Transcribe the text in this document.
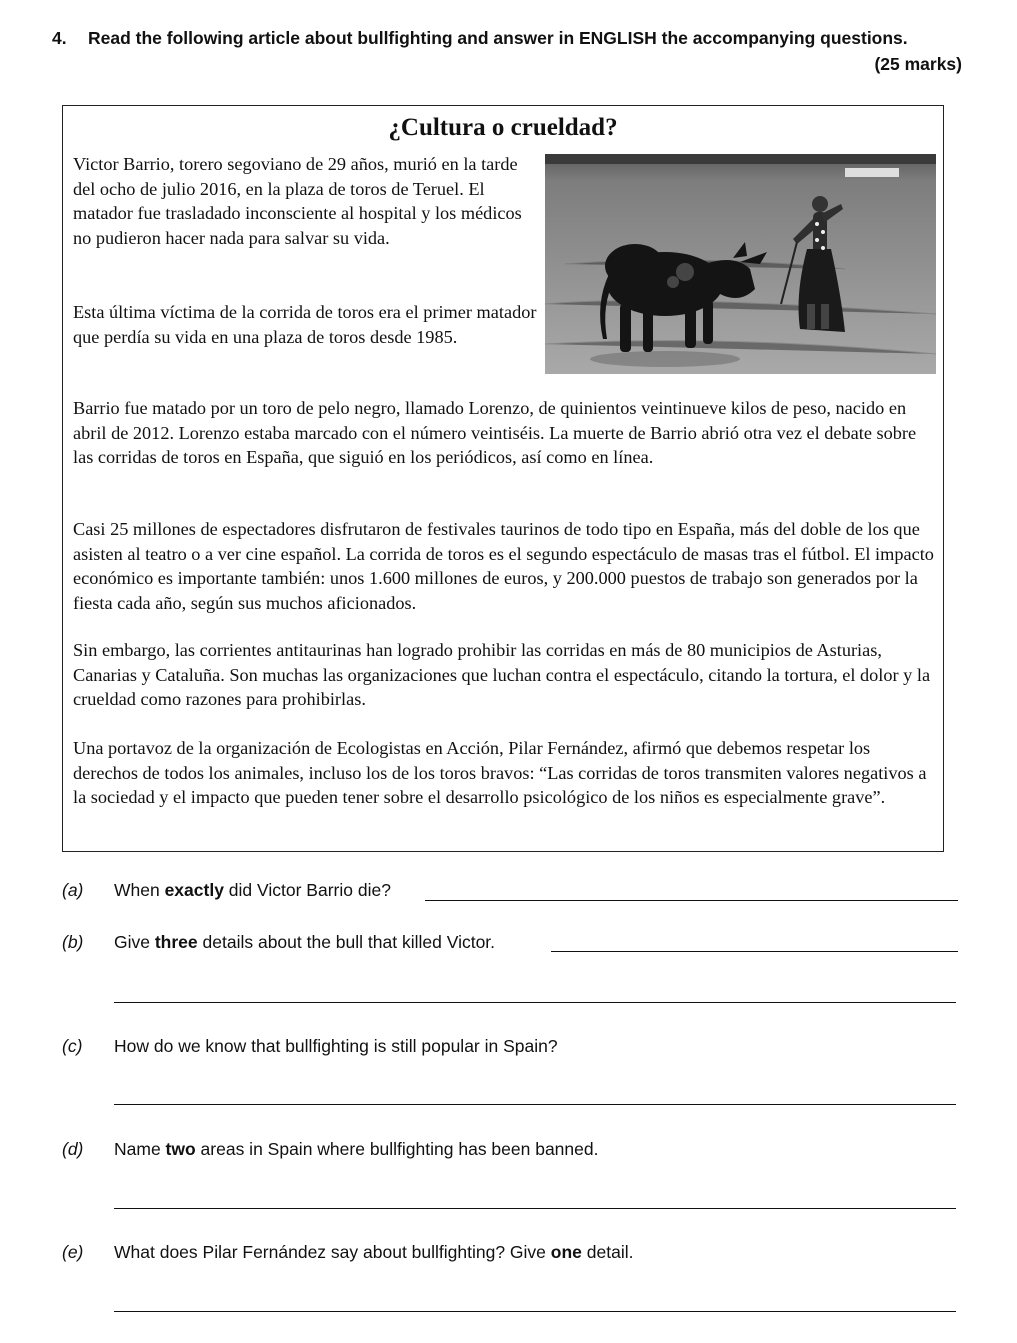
4. Read the following article about bullfighting and answer in ENGLISH the accompanying questions.
(25 marks)
¿Cultura o crueldad?

Victor Barrio, torero segoviano de 29 años, murió en la tarde del ocho de julio 2016, en la plaza de toros de Teruel. El matador fue trasladado inconsciente al hospital y los médicos no pudieron hacer nada para salvar su vida.

Esta última víctima de la corrida de toros era el primer matador que perdía su vida en una plaza de toros desde 1985.

Barrio fue matado por un toro de pelo negro, llamado Lorenzo, de quinientos veintinueve kilos de peso, nacido en abril de 2012. Lorenzo estaba marcado con el número veintiséis. La muerte de Barrio abrió otra vez el debate sobre las corridas de toros en España, que siguió en los periódicos, así como en línea.

Casi 25 millones de espectadores disfrutaron de festivales taurinos de todo tipo en España, más del doble de los que asisten al teatro o a ver cine español. La corrida de toros es el segundo espectáculo de masas tras el fútbol. El impacto económico es importante también: unos 1.600 millones de euros, y 200.000 puestos de trabajo son generados por la fiesta cada año, según sus muchos aficionados.

Sin embargo, las corrientes antitaurinas han logrado prohibir las corridas en más de 80 municipios de Asturias, Canarias y Cataluña. Son muchas las organizaciones que luchan contra el espectáculo, citando la tortura, el dolor y la crueldad como razones para prohibirlas.

Una portavoz de la organización de Ecologistas en Acción, Pilar Fernández, afirmó que debemos respetar los derechos de todos los animales, incluso los de los toros bravos: “Las corridas de toros transmiten valores negativos a la sociedad y el impacto que pueden tener sobre el desarrollo psicológico de los niños es especialmente grave”.

(a) When exactly did Victor Barrio die?
(b) Give three details about the bull that killed Victor.
(c) How do we know that bullfighting is still popular in Spain?
(d) Name two areas in Spain where bullfighting has been banned.
(e) What does Pilar Fernández say about bullfighting? Give one detail.
